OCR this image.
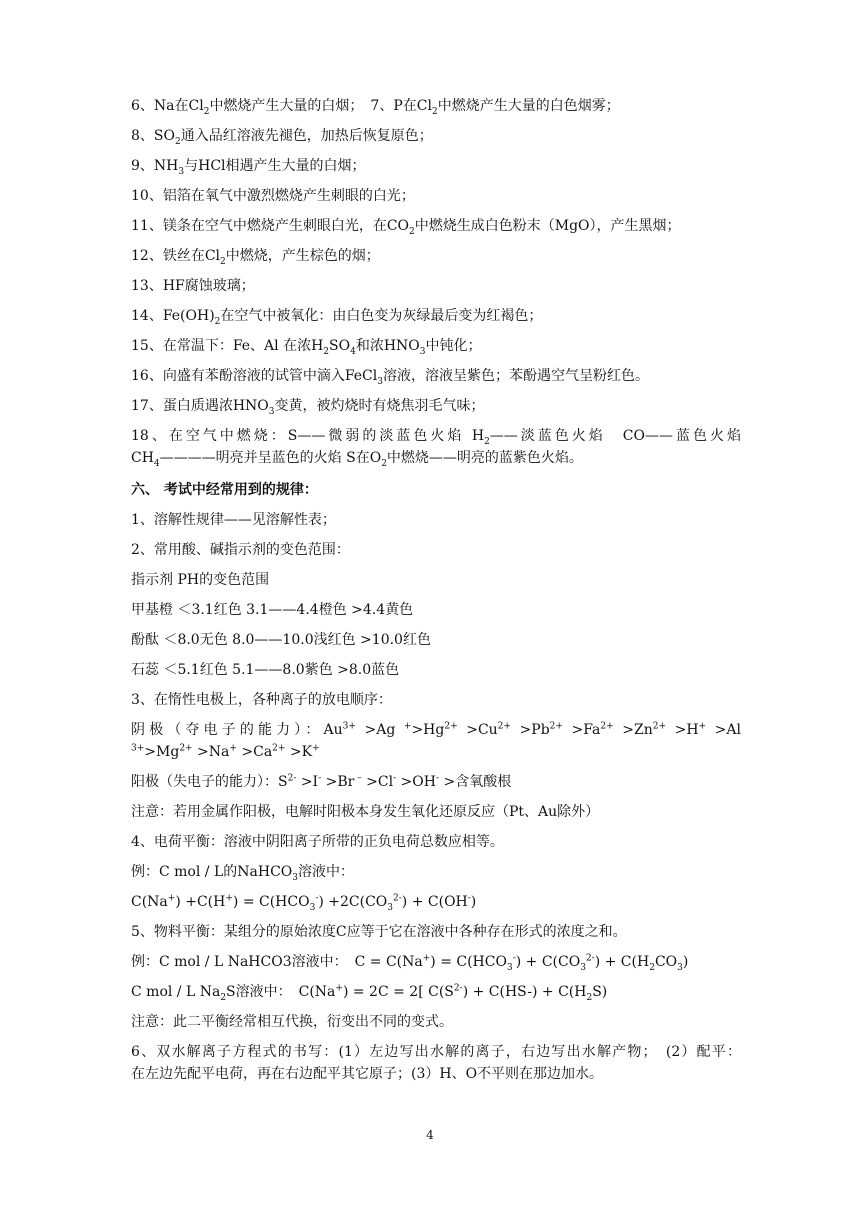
6、Na在$Cl_2$中燃烧产生大量的白烟；　7、P在$Cl_2$中燃烧产生大量的白色烟雾；
8、$SO_2$通入品红溶液先褪色，加热后恢复原色；
9、$NH_3$与HCl相遇产生大量的白烟；
10、铝箔在氧气中激烈燃烧产生刺眼的白光；
11、镁条在空气中燃烧产生刺眼白光，在$CO_2$中燃烧生成白色粉末（MgO），产生黑烟；
12、铁丝在$Cl_2$中燃烧，产生棕色的烟；
13、HF腐蚀玻璃；
14、$Fe(OH)_2$在空气中被氧化：由白色变为灰绿最后变为红褐色；
15、在常温下：Fe、Al 在浓$H_2SO_4$和浓$HNO_3$中钝化；
16、向盛有苯酚溶液的试管中滴入FeCl$_3$溶液，溶液呈紫色；苯酚遇空气呈粉红色。
17、蛋白质遇浓$HNO_3$变黄，被灼烧时有烧焦羽毛气味；
18、在空气中燃烧：S——微弱的淡蓝色火焰 $H_2——$淡蓝色火焰　CO——蓝色火焰
$CH_4————$明亮并呈蓝色的火焰 S在$O_2$中燃烧——明亮的蓝紫色火焰。
六、 考试中经常用到的规律：
1、溶解性规律——见溶解性表；
2、常用酸、碱指示剂的变色范围：
指示剂 PH的变色范围
甲基橙 ＜3.1红色 3.1——4.4橙色 >4.4黄色
酚酞 ＜8.0无色 8.0——10.0浅红色 >10.0红色
石蕊 ＜5.1红色 5.1——8.0紫色 >8.0蓝色
3、在惰性电极上，各种离子的放电顺序：
阴极（夺电子的能力）：$Au^{3+} >Ag$ $^+>Hg^{2+} >Cu^{2+} >Pb^{2+} >Fa^{2+} >Zn^{2+} >H^+ >Al$
$^{3+}>Mg^{2+} >Na^+ >Ca^{2+} >K^+$
阳极（失电子的能力）：$S^{2-} >I^- >Br$ – >Cl- >OH- >含氧酸根
注意：若用金属作阳极，电解时阳极本身发生氧化还原反应（Pt、Au除外）
4、电荷平衡：溶液中阴阳离子所带的正负电荷总数应相等。
例：C mol / L的NaHCO$_3$溶液中：
$C(Na^+) +C(H^+) = C(HCO_3^-) +2C(CO_3^{2-}) + C(OH^-)$
5、物料平衡：某组分的原始浓度C应等于它在溶液中各种存在形式的浓度之和。
例：C mol / L NaHCO3溶液中：　$C = C(Na^+) = C(HCO_3^-) + C(CO_3^{2-}) + C(H_2CO_3)$
C mol / L $Na_2S$溶液中：　C(Na+) = 2C = 2[ $C(S^{2-}) + C(HS-) + C(H_2S)$
注意：此二平衡经常相互代换，衍变出不同的变式。
6、双水解离子方程式的书写：(1）左边写出水解的离子，右边写出水解产物；　(2）配平：
在左边先配平电荷，再在右边配平其它原子；(3）H、O不平则在那边加水。
4
